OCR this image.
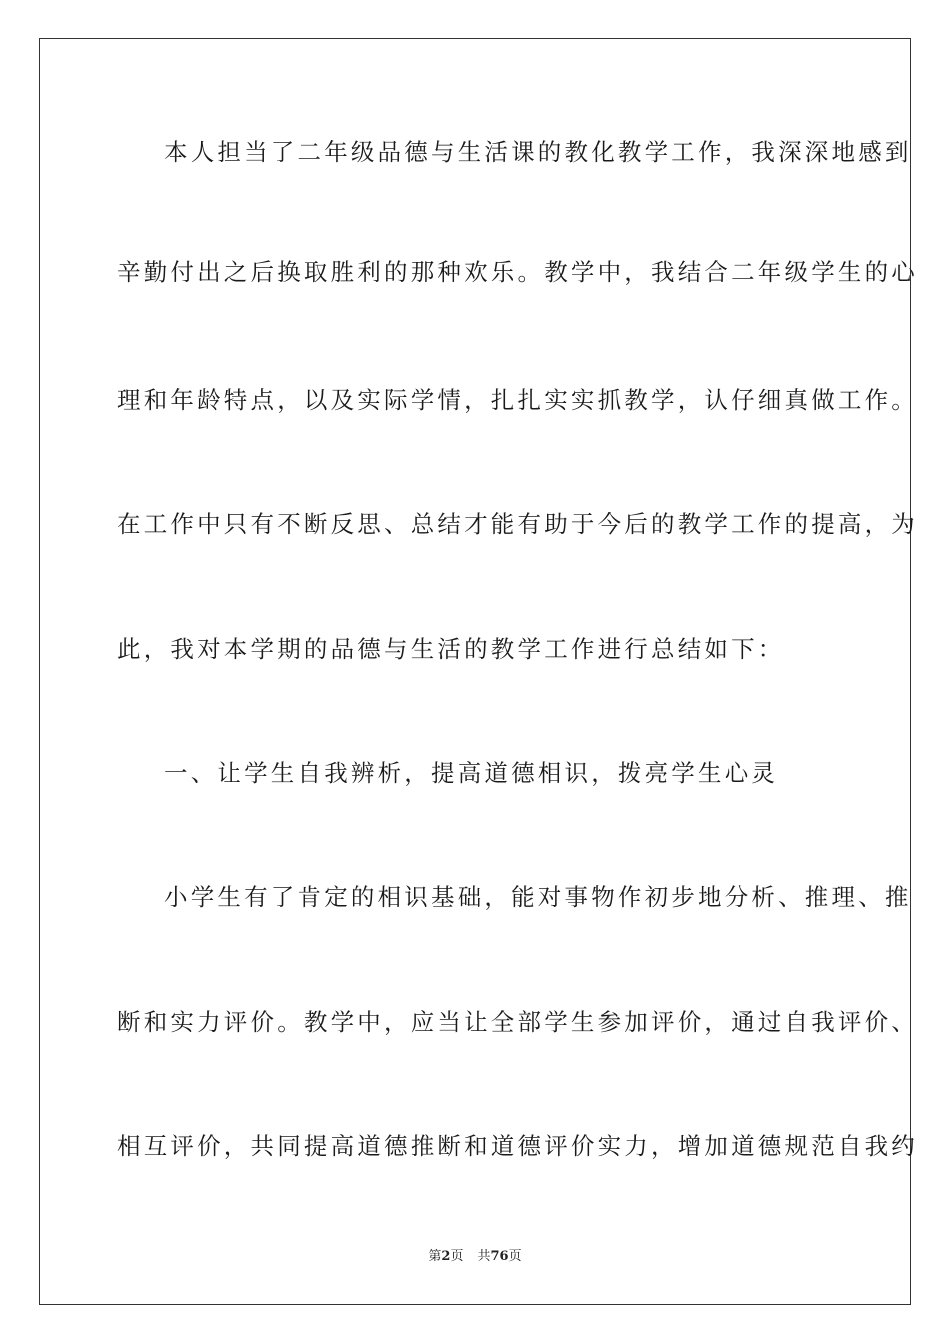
本人担当了二年级品德与生活课的教化教学工作，我深深地感到
辛勤付出之后换取胜利的那种欢乐。教学中，我结合二年级学生的心
理和年龄特点，以及实际学情，扎扎实实抓教学，认仔细真做工作。
在工作中只有不断反思、总结才能有助于今后的教学工作的提高，为
此，我对本学期的品德与生活的教学工作进行总结如下：
一、让学生自我辨析，提高道德相识，拨亮学生心灵
小学生有了肯定的相识基础，能对事物作初步地分析、推理、推
断和实力评价。教学中，应当让全部学生参加评价，通过自我评价、
相互评价，共同提高道德推断和道德评价实力，增加道德规范自我约
第2页 共76页
